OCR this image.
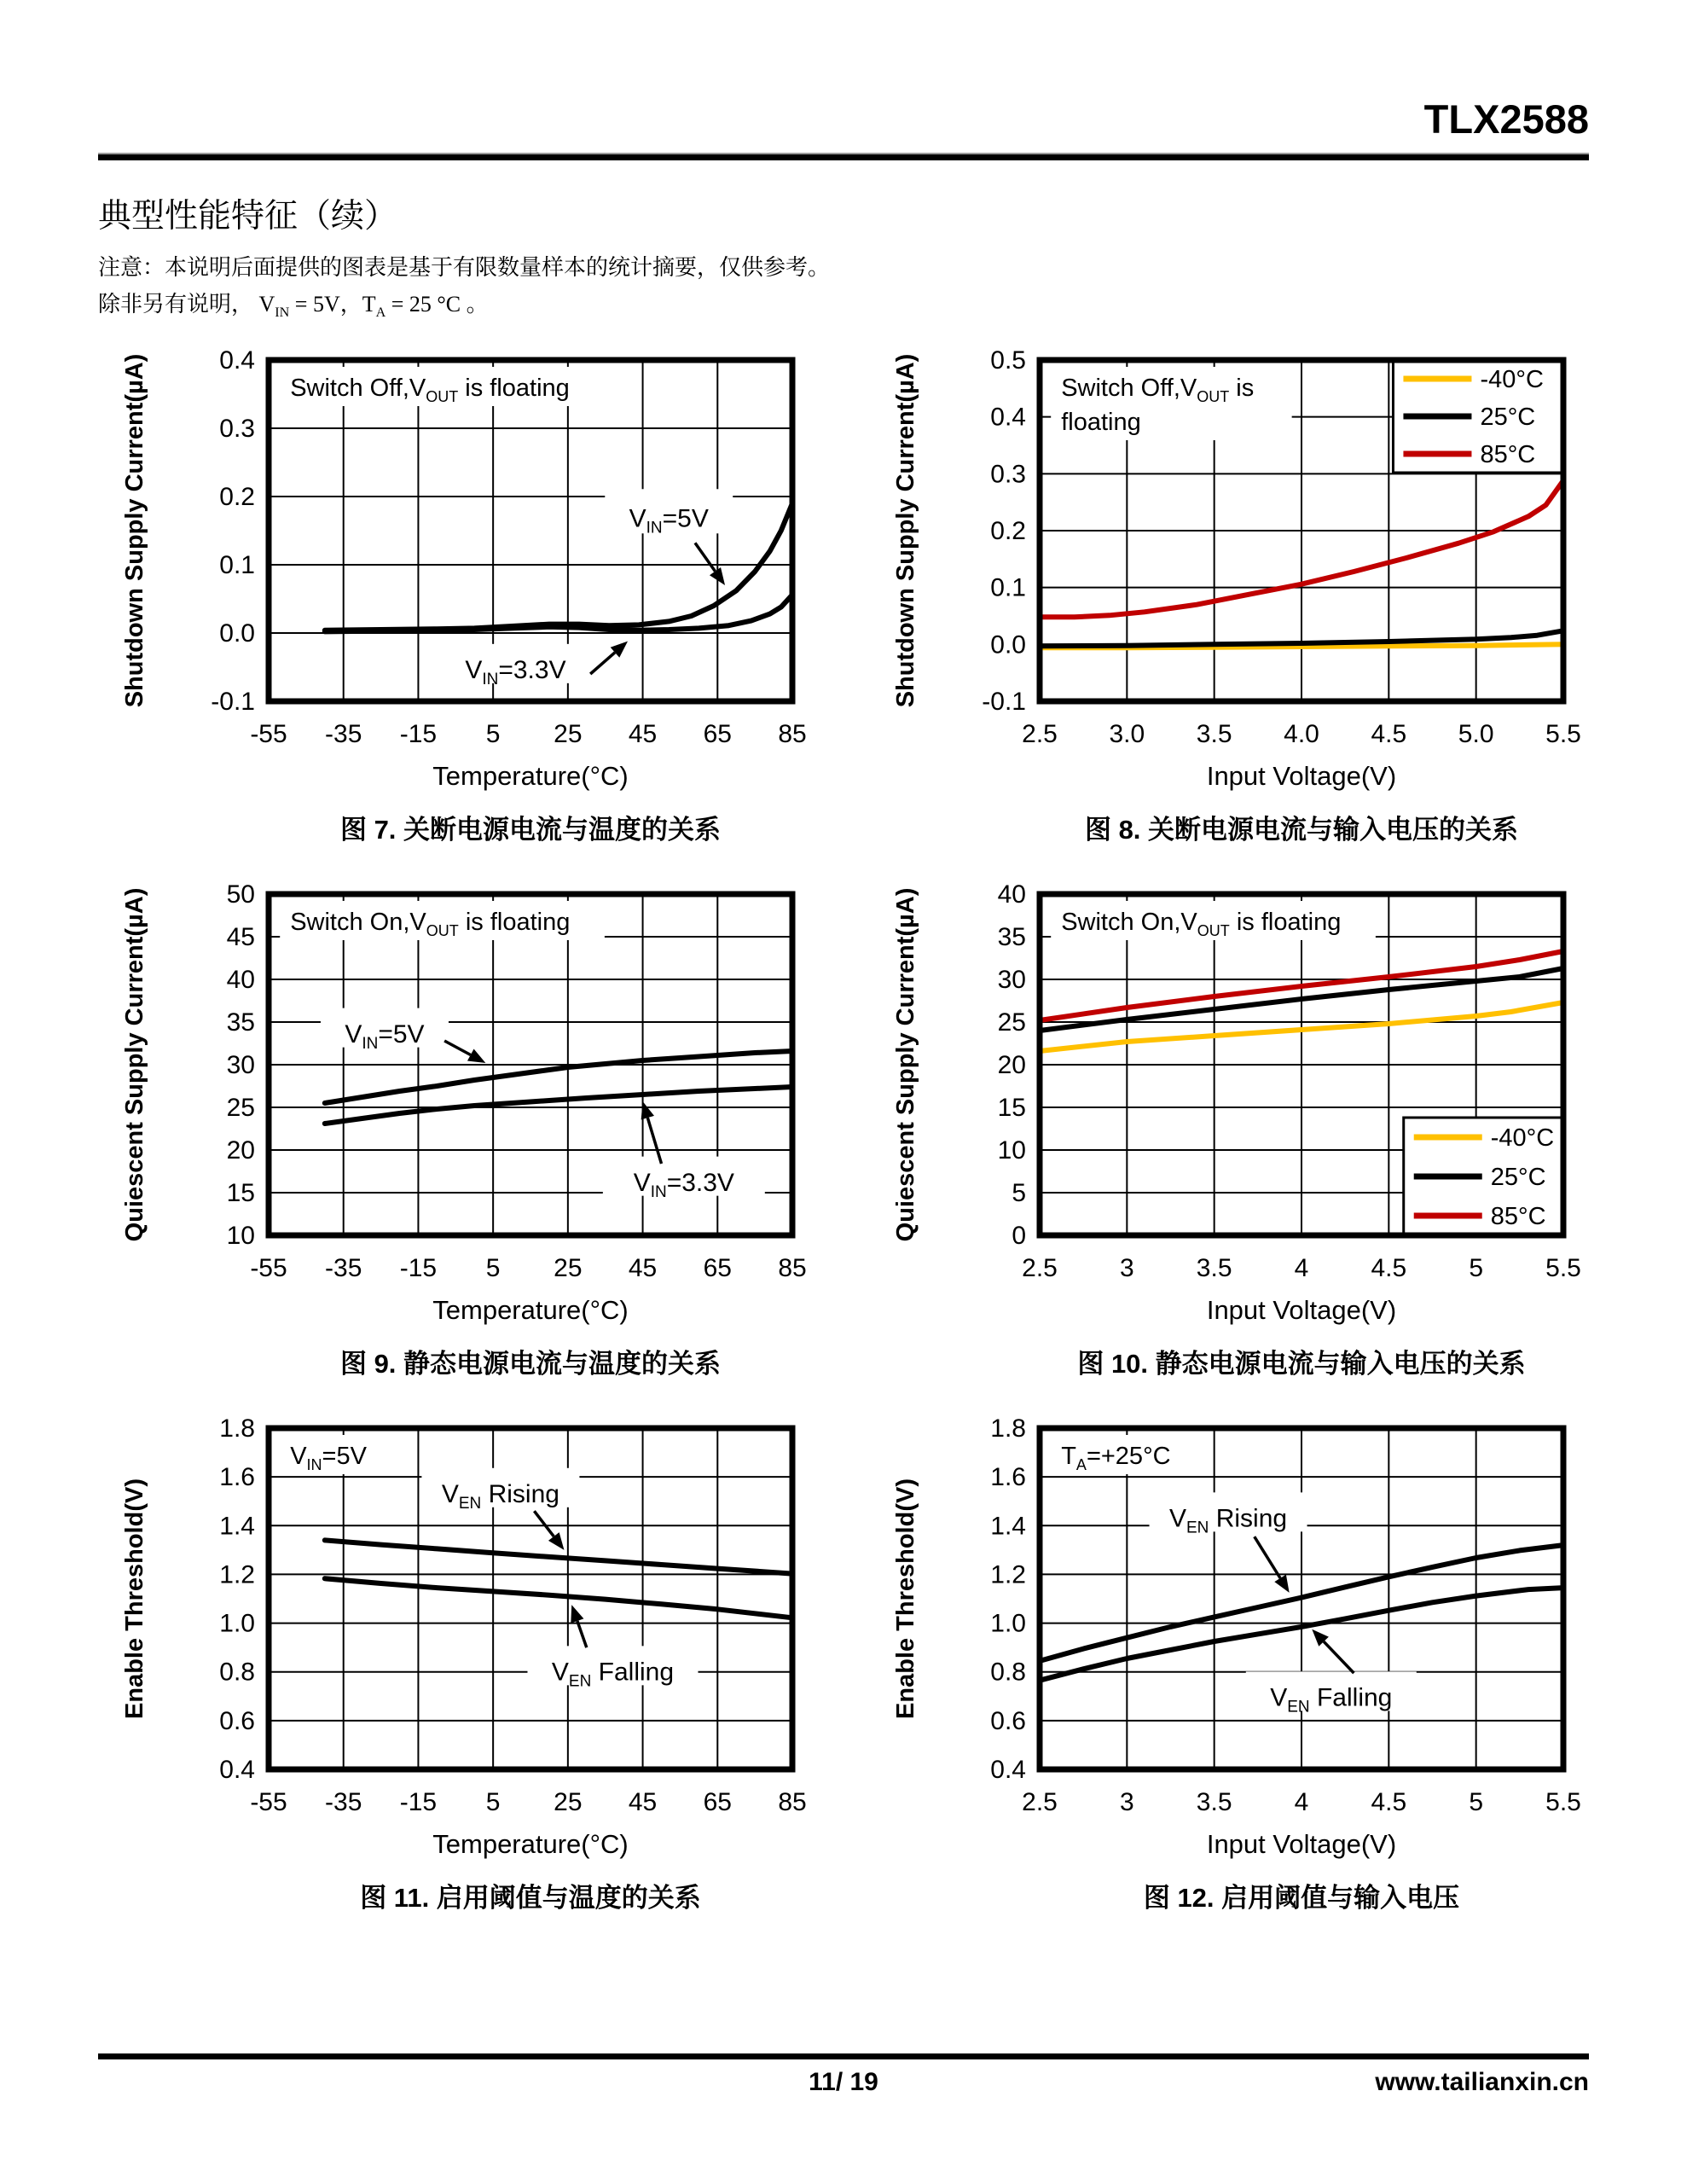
TLX2588
典型性能特征（续）
注意：本说明后面提供的图表是基于有限数量样本的统计摘要，仅供参考。
除非另有说明， $V_{IN} = 5V$，$T_A = 25$ °C 。
Switch $Off,V_{OUT}$ is floating
$V_{IN}=5V$
$V_{IN}=3.3V$
-0.1
0.0
0.1
0.2
0.3
0.4
-55 -35 -15 5 25 45 65 85
Shutdown Supply Current(µA)
Temperature(°C)
图 7. 关断电源电流与温度的关系
Switch $Off,V_{OUT}$ is
floating
-40°C
25°C
85°C
-0.1
0.0
0.1
0.2
0.3
0.4
0.5
2.5 3.0 3.5 4.0 4.5 5.0 5.5
Shutdown Supply Current(µA)
Input Voltage(V)
图 8. 关断电源电流与输入电压的关系
Switch $On,V_{OUT}$ is floating
$V_{IN}=5V$
$V_{IN}=3.3V$
10
15
20
25
30
35
40
45
50
-55 -35 -15 5 25 45 65 85
Quiescent Supply Current(µA)
Temperature(°C)
图 9. 静态电源电流与温度的关系
Switch $On,V_{OUT}$ is floating
-40°C
25°C
85°C
0
5
10
15
20
25
30
35
40
2.5 3 3.5 4 4.5 5 5.5
Quiescent Supply Current(µA)
Input Voltage(V)
图 10. 静态电源电流与输入电压的关系
$V_{IN}=5V$
$V_{EN}$ Rising
$V_{EN}$ Falling
0.4
0.6
0.8
1.0
1.2
1.4
1.6
1.8
-55 -35 -15 5 25 45 65 85
Enable Threshold(V)
Temperature(°C)
图 11. 启用阈值与温度的关系
$T_A=+25^\circ C$
$V_{EN}$ Rising
$V_{EN}$ Falling
0.4
0.6
0.8
1.0
1.2
1.4
1.6
1.8
2.5 3 3.5 4 4.5 5 5.5
Enable Threshold(V)
Input Voltage(V)
图 12. 启用阈值与输入电压
11/ 19	www.tailianxin.cn
